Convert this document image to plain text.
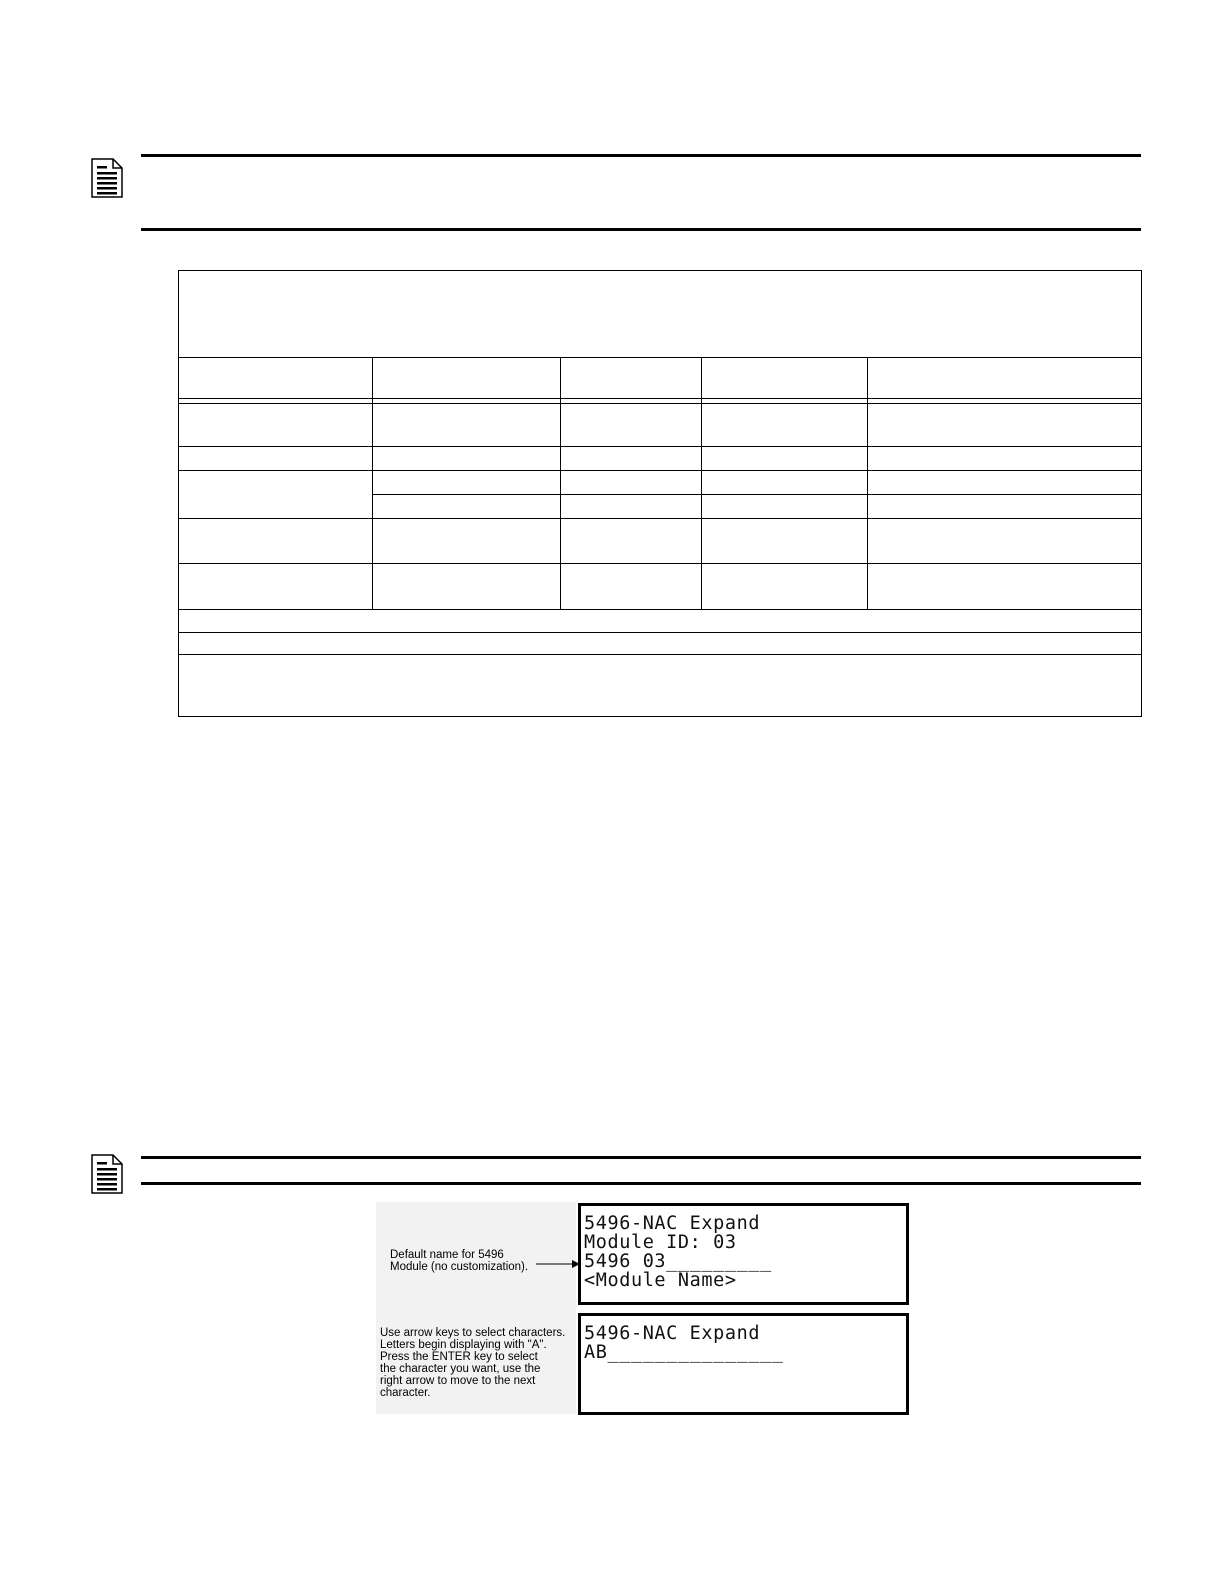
Default name for 5496
Module (no customization).
Use arrow keys to select characters.
Letters begin displaying with "A".
Press the ENTER key to select
the character you want, use the
right arrow to move to the next
character.
5496-NAC Expand
Module ID: 03
5496 03_________
<Module Name>
5496-NAC Expand
AB_______________
